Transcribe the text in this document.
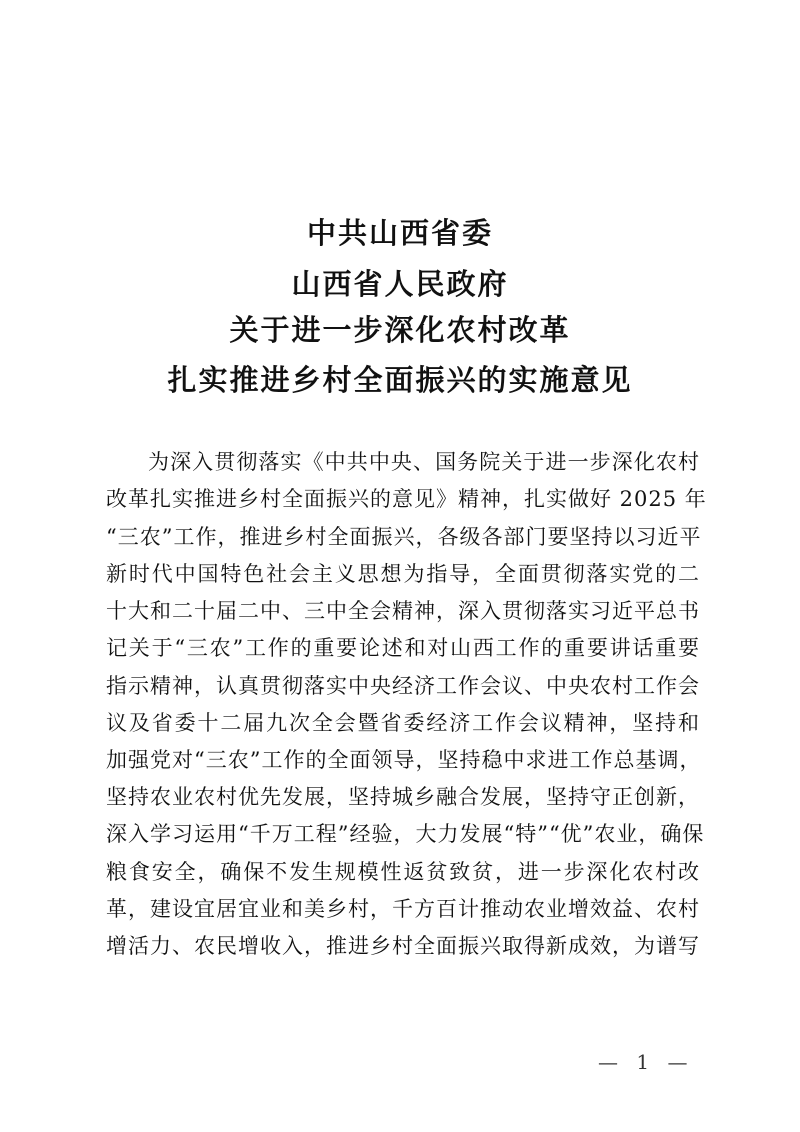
中共山西省委
山西省人民政府
关于进一步深化农村改革
扎实推进乡村全面振兴的实施意见
为深入贯彻落实《中共中央、国务院关于进一步深化农村
改革扎实推进乡村全面振兴的意见》精神，扎实做好 2025 年
“三农”工作，推进乡村全面振兴，各级各部门要坚持以习近平
新时代中国特色社会主义思想为指导，全面贯彻落实党的二
十大和二十届二中、三中全会精神，深入贯彻落实习近平总书
记关于“三农”工作的重要论述和对山西工作的重要讲话重要
指示精神，认真贯彻落实中央经济工作会议、中央农村工作会
议及省委十二届九次全会暨省委经济工作会议精神，坚持和
加强党对“三农”工作的全面领导，坚持稳中求进工作总基调，
坚持农业农村优先发展，坚持城乡融合发展，坚持守正创新，
深入学习运用“千万工程”经验，大力发展“特”“优”农业，确保
粮食安全，确保不发生规模性返贫致贫，进一步深化农村改
革，建设宜居宜业和美乡村，千方百计推动农业增效益、农村
增活力、农民增收入，推进乡村全面振兴取得新成效，为谱写
— 1 —
